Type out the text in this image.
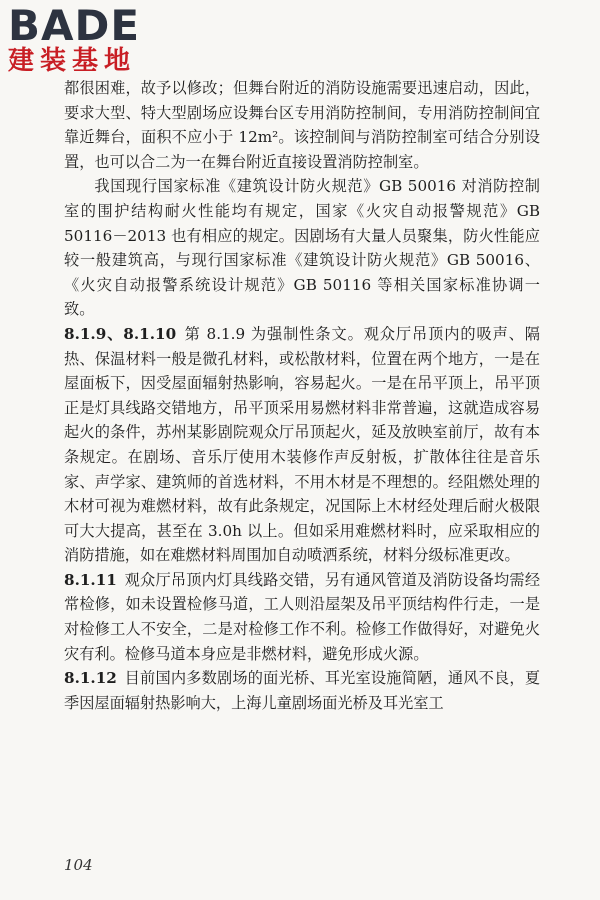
BADE
建装基地

都很困难，故予以修改；但舞台附近的消防设施需要迅速启动，因此，要求大型、特大型剧场应设舞台区专用消防控制间，专用消防控制间宜靠近舞台，面积不应小于 12m²。该控制间与消防控制室可结合分别设置，也可以合二为一在舞台附近直接设置消防控制室。

我国现行国家标准《建筑设计防火规范》GB 50016 对消防控制室的围护结构耐火性能均有规定，国家《火灾自动报警规范》GB 50116－2013 也有相应的规定。因剧场有大量人员聚集，防火性能应较一般建筑高，与现行国家标准《建筑设计防火规范》GB 50016、《火灾自动报警系统设计规范》GB 50116 等相关国家标准协调一致。

8.1.9、8.1.10 第 8.1.9 为强制性条文。观众厅吊顶内的吸声、隔热、保温材料一般是微孔材料，或松散材料，位置在两个地方，一是在屋面板下，因受屋面辐射热影响，容易起火。一是在吊平顶上，吊平顶正是灯具线路交错地方，吊平顶采用易燃材料非常普遍，这就造成容易起火的条件，苏州某影剧院观众厅吊顶起火，延及放映室前厅，故有本条规定。在剧场、音乐厅使用木装修作声反射板，扩散体往往是音乐家、声学家、建筑师的首选材料，不用木材是不理想的。经阻燃处理的木材可视为难燃材料，故有此条规定，况国际上木材经处理后耐火极限可大大提高，甚至在 3.0h 以上。但如采用难燃材料时，应采取相应的消防措施，如在难燃材料周围加自动喷洒系统，材料分级标准更改。

8.1.11 观众厅吊顶内灯具线路交错，另有通风管道及消防设备均需经常检修，如未设置检修马道，工人则沿屋架及吊平顶结构件行走，一是对检修工人不安全，二是对检修工作不利。检修工作做得好，对避免火灾有利。检修马道本身应是非燃材料，避免形成火源。

8.1.12 目前国内多数剧场的面光桥、耳光室设施简陋，通风不良，夏季因屋面辐射热影响大，上海儿童剧场面光桥及耳光室工

104
